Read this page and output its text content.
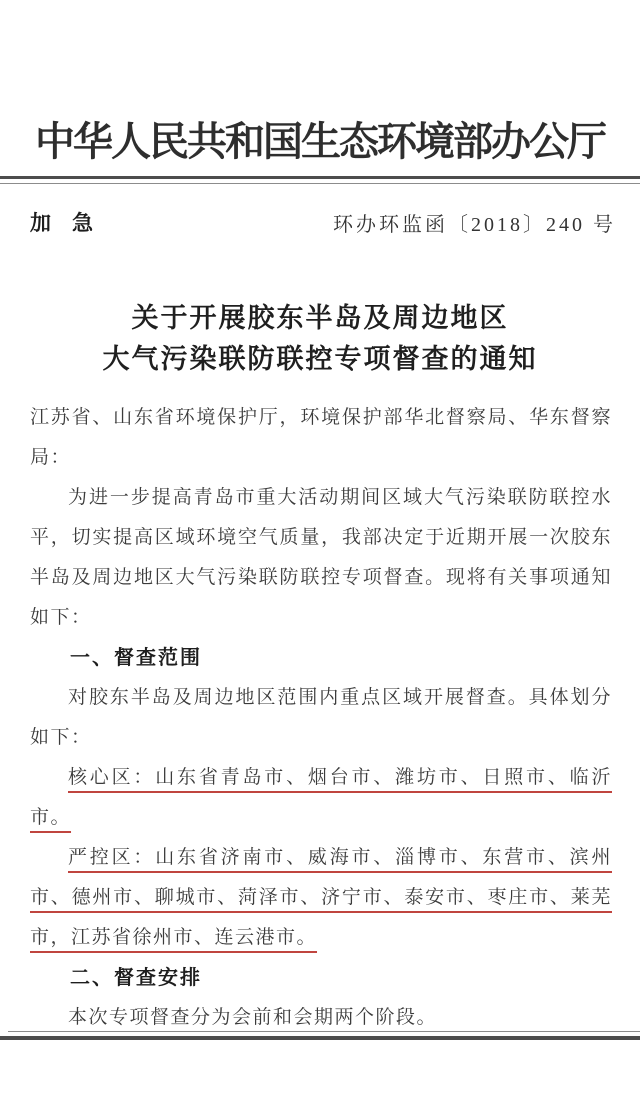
中华人民共和国生态环境部办公厅
加　急	环办环监函〔2018〕240 号
关于开展胶东半岛及周边地区
大气污染联防联控专项督查的通知

江苏省、山东省环境保护厅，环境保护部华北督察局、华东督察局：

为进一步提高青岛市重大活动期间区域大气污染联防联控水平，切实提高区域环境空气质量，我部决定于近期开展一次胶东半岛及周边地区大气污染联防联控专项督查。现将有关事项通知如下：

一、督查范围

对胶东半岛及周边地区范围内重点区域开展督查。具体划分如下：

核心区：山东省青岛市、烟台市、潍坊市、日照市、临沂市。

严控区：山东省济南市、威海市、淄博市、东营市、滨州市、德州市、聊城市、菏泽市、济宁市、泰安市、枣庄市、莱芜市，江苏省徐州市、连云港市。

二、督查安排

本次专项督查分为会前和会期两个阶段。
